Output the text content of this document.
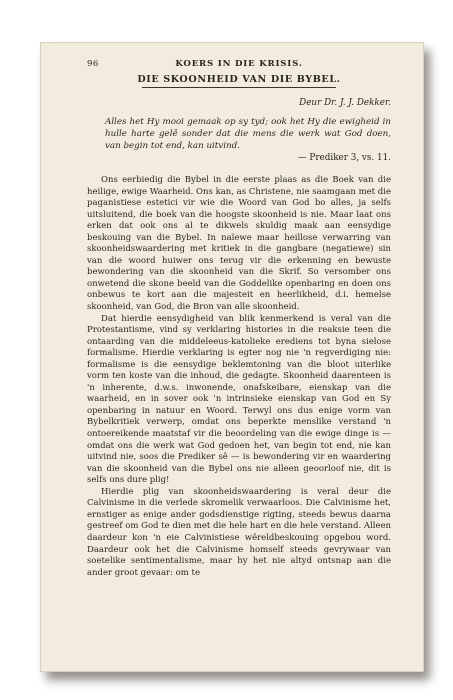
96	KOERS IN DIE KRISIS.
DIE SKOONHEID VAN DIE BYBEL.
Deur Dr. J. J. Dekker.
Alles het Hy mooi gemaak op sy tyd; ook het Hy die ewigheid in hulle harte gelê sonder dat die mens die werk wat God doen, van begin tot end, kan uitvind.
— Prediker 3, vs. 11.

Ons eerbiedig die Bybel in die eerste plaas as die Boek van die heilige, ewige Waarheid. Ons kan, as Christene, nie saamgaan met die paganistiese estetici vir wie die Woord van God bo alles, ja selfs uitsluitend, die boek van die hoogste skoonheid is nie. Maar laat ons erken dat ook ons al te dikwels skuldig maak aan eensydige beskouing van die Bybel. In naïewe maar heillose verwarring van skoonheidswaardering met kritiek in die gangbare (negatiewe) sin van die woord huiwer ons terug vir die erkenning en bewuste bewondering van die skoonheid van die Skrif. So versomber ons onwetend die skone beeld van die Goddelike openbaring en doen ons onbewus te kort aan die majesteit en heerlikheid, d.i. hemelse skoonheid, van God, die Bron van alle skoonheid.

Dat hierdie eensydigheid van blik kenmerkend is veral van die Protestantisme, vind sy verklaring histories in die reaksie teen die ontaarding van die middeleeus-katolieke erediens tot byna sielose formalisme. Hierdie verklaring is egter nog nie 'n regverdiging nie: formalisme is die eensydige beklemtoning van die bloot uiterlike vorm ten koste van die inhoud, die gedagte. Skoonheid daarenteen is 'n inherente, d.w.s. inwonende, onafskeibare, eienskap van die waarheid, en in sover ook 'n intrinsieke eienskap van God en Sy openbaring in natuur en Woord. Terwyl ons dus enige vorm van Bybelkritiek verwerp, omdat ons beperkte menslike verstand 'n ontoereikende maatstaf vir die beoordeling van die ewige dinge is — omdat ons die werk wat God gedoen het, van begin tot end, nie kan uitvind nie, soos die Prediker sê — is bewondering vir en waardering van die skoonheid van die Bybel ons nie alleen geoorloof nie, dit is selfs ons dure plig!

Hierdie plig van skoonheidswaardering is veral deur die Calvinisme in die verlede skromelik verwaarloos. Die Calvinisme het, ernstiger as enige ander godsdienstige rigting, steeds bewus daarna gestreef om God te dien met die hele hart en die hele verstand. Alleen daardeur kon 'n eie Calvinistiese wêreldbeskouing opgebou word. Daardeur ook het die Calvinisme homself steeds gevrywaar van soetelike sentimentalisme, maar hy het nie altyd ontsnap aan die ander groot gevaar: om te
